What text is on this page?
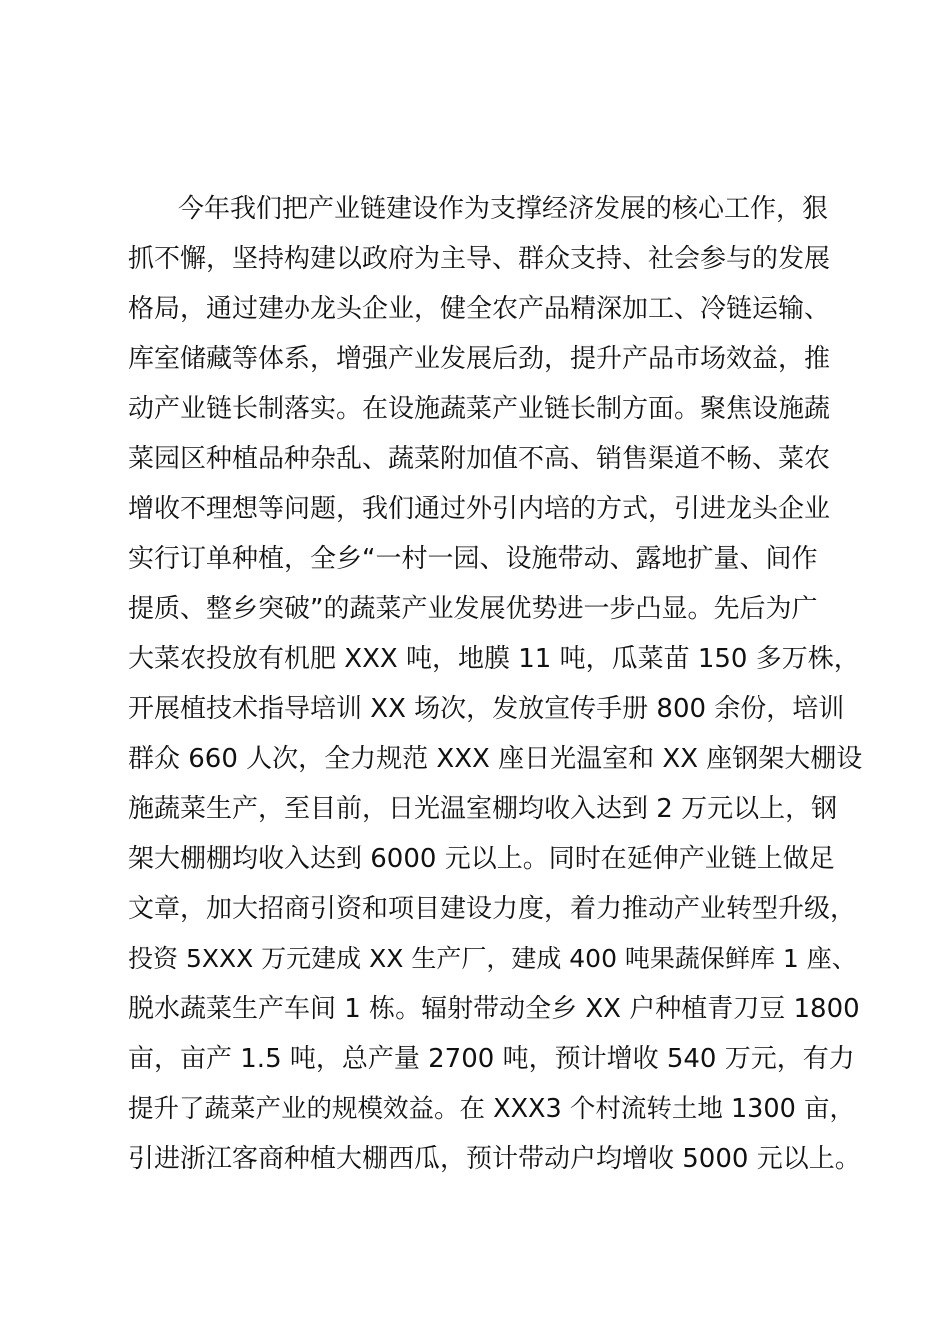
今年我们把产业链建设作为支撑经济发展的核心工作，狠
抓不懈，坚持构建以政府为主导、群众支持、社会参与的发展
格局，通过建办龙头企业，健全农产品精深加工、冷链运输、
库室储藏等体系，增强产业发展后劲，提升产品市场效益，推
动产业链长制落实。在设施蔬菜产业链长制方面。聚焦设施蔬
菜园区种植品种杂乱、蔬菜附加值不高、销售渠道不畅、菜农
增收不理想等问题，我们通过外引内培的方式，引进龙头企业
实行订单种植，全乡“一村一园、设施带动、露地扩量、间作
提质、整乡突破”的蔬菜产业发展优势进一步凸显。先后为广
大菜农投放有机肥 XXX 吨，地膜 11 吨，瓜菜苗 150 多万株，
开展植技术指导培训 XX 场次，发放宣传手册 800 余份，培训
群众 660 人次，全力规范 XXX 座日光温室和 XX 座钢架大棚设
施蔬菜生产，至目前，日光温室棚均收入达到 2 万元以上，钢
架大棚棚均收入达到 6000 元以上。同时在延伸产业链上做足
文章，加大招商引资和项目建设力度，着力推动产业转型升级，
投资 5XXX 万元建成 XX 生产厂，建成 400 吨果蔬保鲜库 1 座、
脱水蔬菜生产车间 1 栋。辐射带动全乡 XX 户种植青刀豆 1800
亩，亩产 1.5 吨，总产量 2700 吨，预计增收 540 万元，有力
提升了蔬菜产业的规模效益。在 XXX3 个村流转土地 1300 亩，
引进浙江客商种植大棚西瓜，预计带动户均增收 5000 元以上。
